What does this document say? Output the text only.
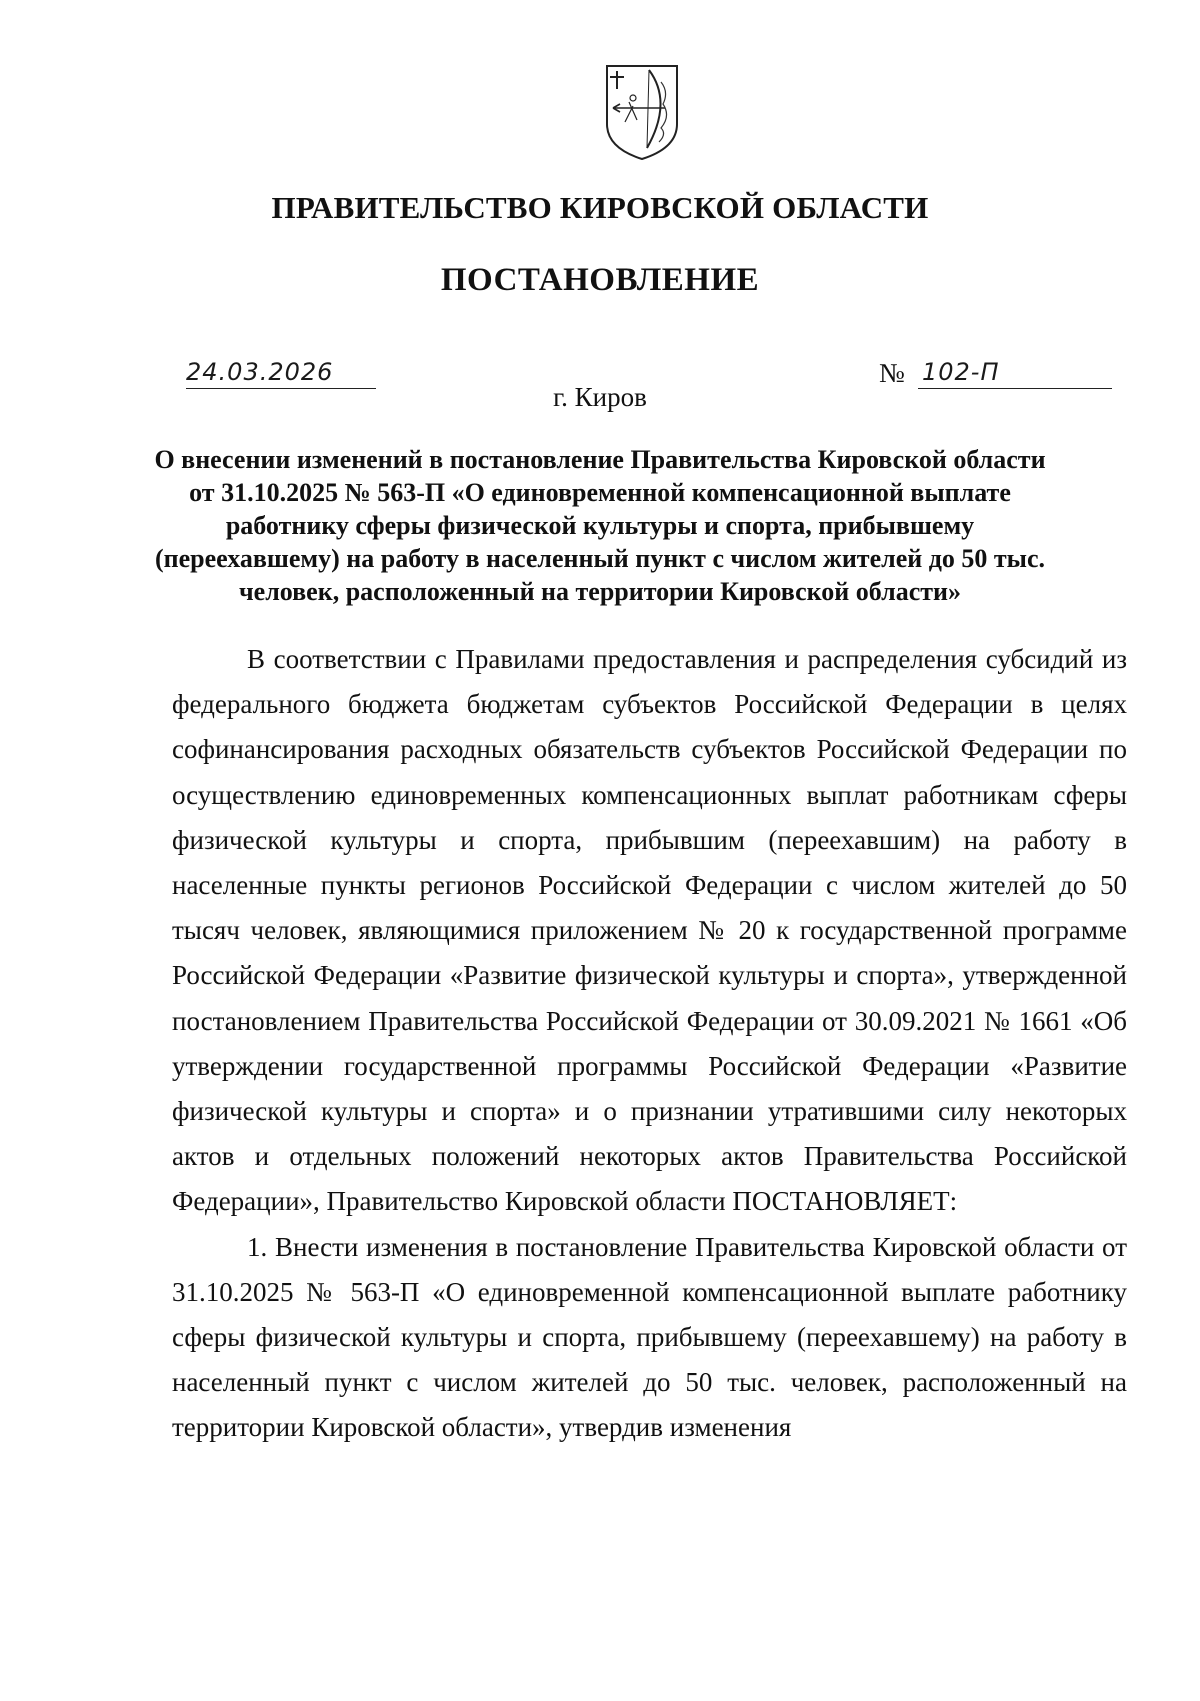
ПРАВИТЕЛЬСТВО КИРОВСКОЙ ОБЛАСТИ
ПОСТАНОВЛЕНИЕ
24.03.2026	№ 102-П
г. Киров
О внесении изменений в постановление Правительства Кировской области от 31.10.2025 № 563-П «О единовременной компенсационной выплате работнику сферы физической культуры и спорта, прибывшему (переехавшему) на работу в населенный пункт с числом жителей до 50 тыс. человек, расположенный на территории Кировской области»

В соответствии с Правилами предоставления и распределения субсидий из федерального бюджета бюджетам субъектов Российской Федерации в целях софинансирования расходных обязательств субъектов Российской Федерации по осуществлению единовременных компенсационных выплат работникам сферы физической культуры и спорта, прибывшим (переехавшим) на работу в населенные пункты регионов Российской Федерации с числом жителей до 50 тысяч человек, являющимися приложением № 20 к государственной программе Российской Федерации «Развитие физической культуры и спорта», утвержденной постановлением Правительства Российской Федерации от 30.09.2021 № 1661 «Об утверждении государственной программы Российской Федерации «Развитие физической культуры и спорта» и о признании утратившими силу некоторых актов и отдельных положений некоторых актов Правительства Российской Федерации», Правительство Кировской области ПОСТАНОВЛЯЕТ:

1. Внести изменения в постановление Правительства Кировской области от 31.10.2025 № 563-П «О единовременной компенсационной выплате работнику сферы физической культуры и спорта, прибывшему (переехавшему) на работу в населенный пункт с числом жителей до 50 тыс. человек, расположенный на территории Кировской области», утвердив изменения
